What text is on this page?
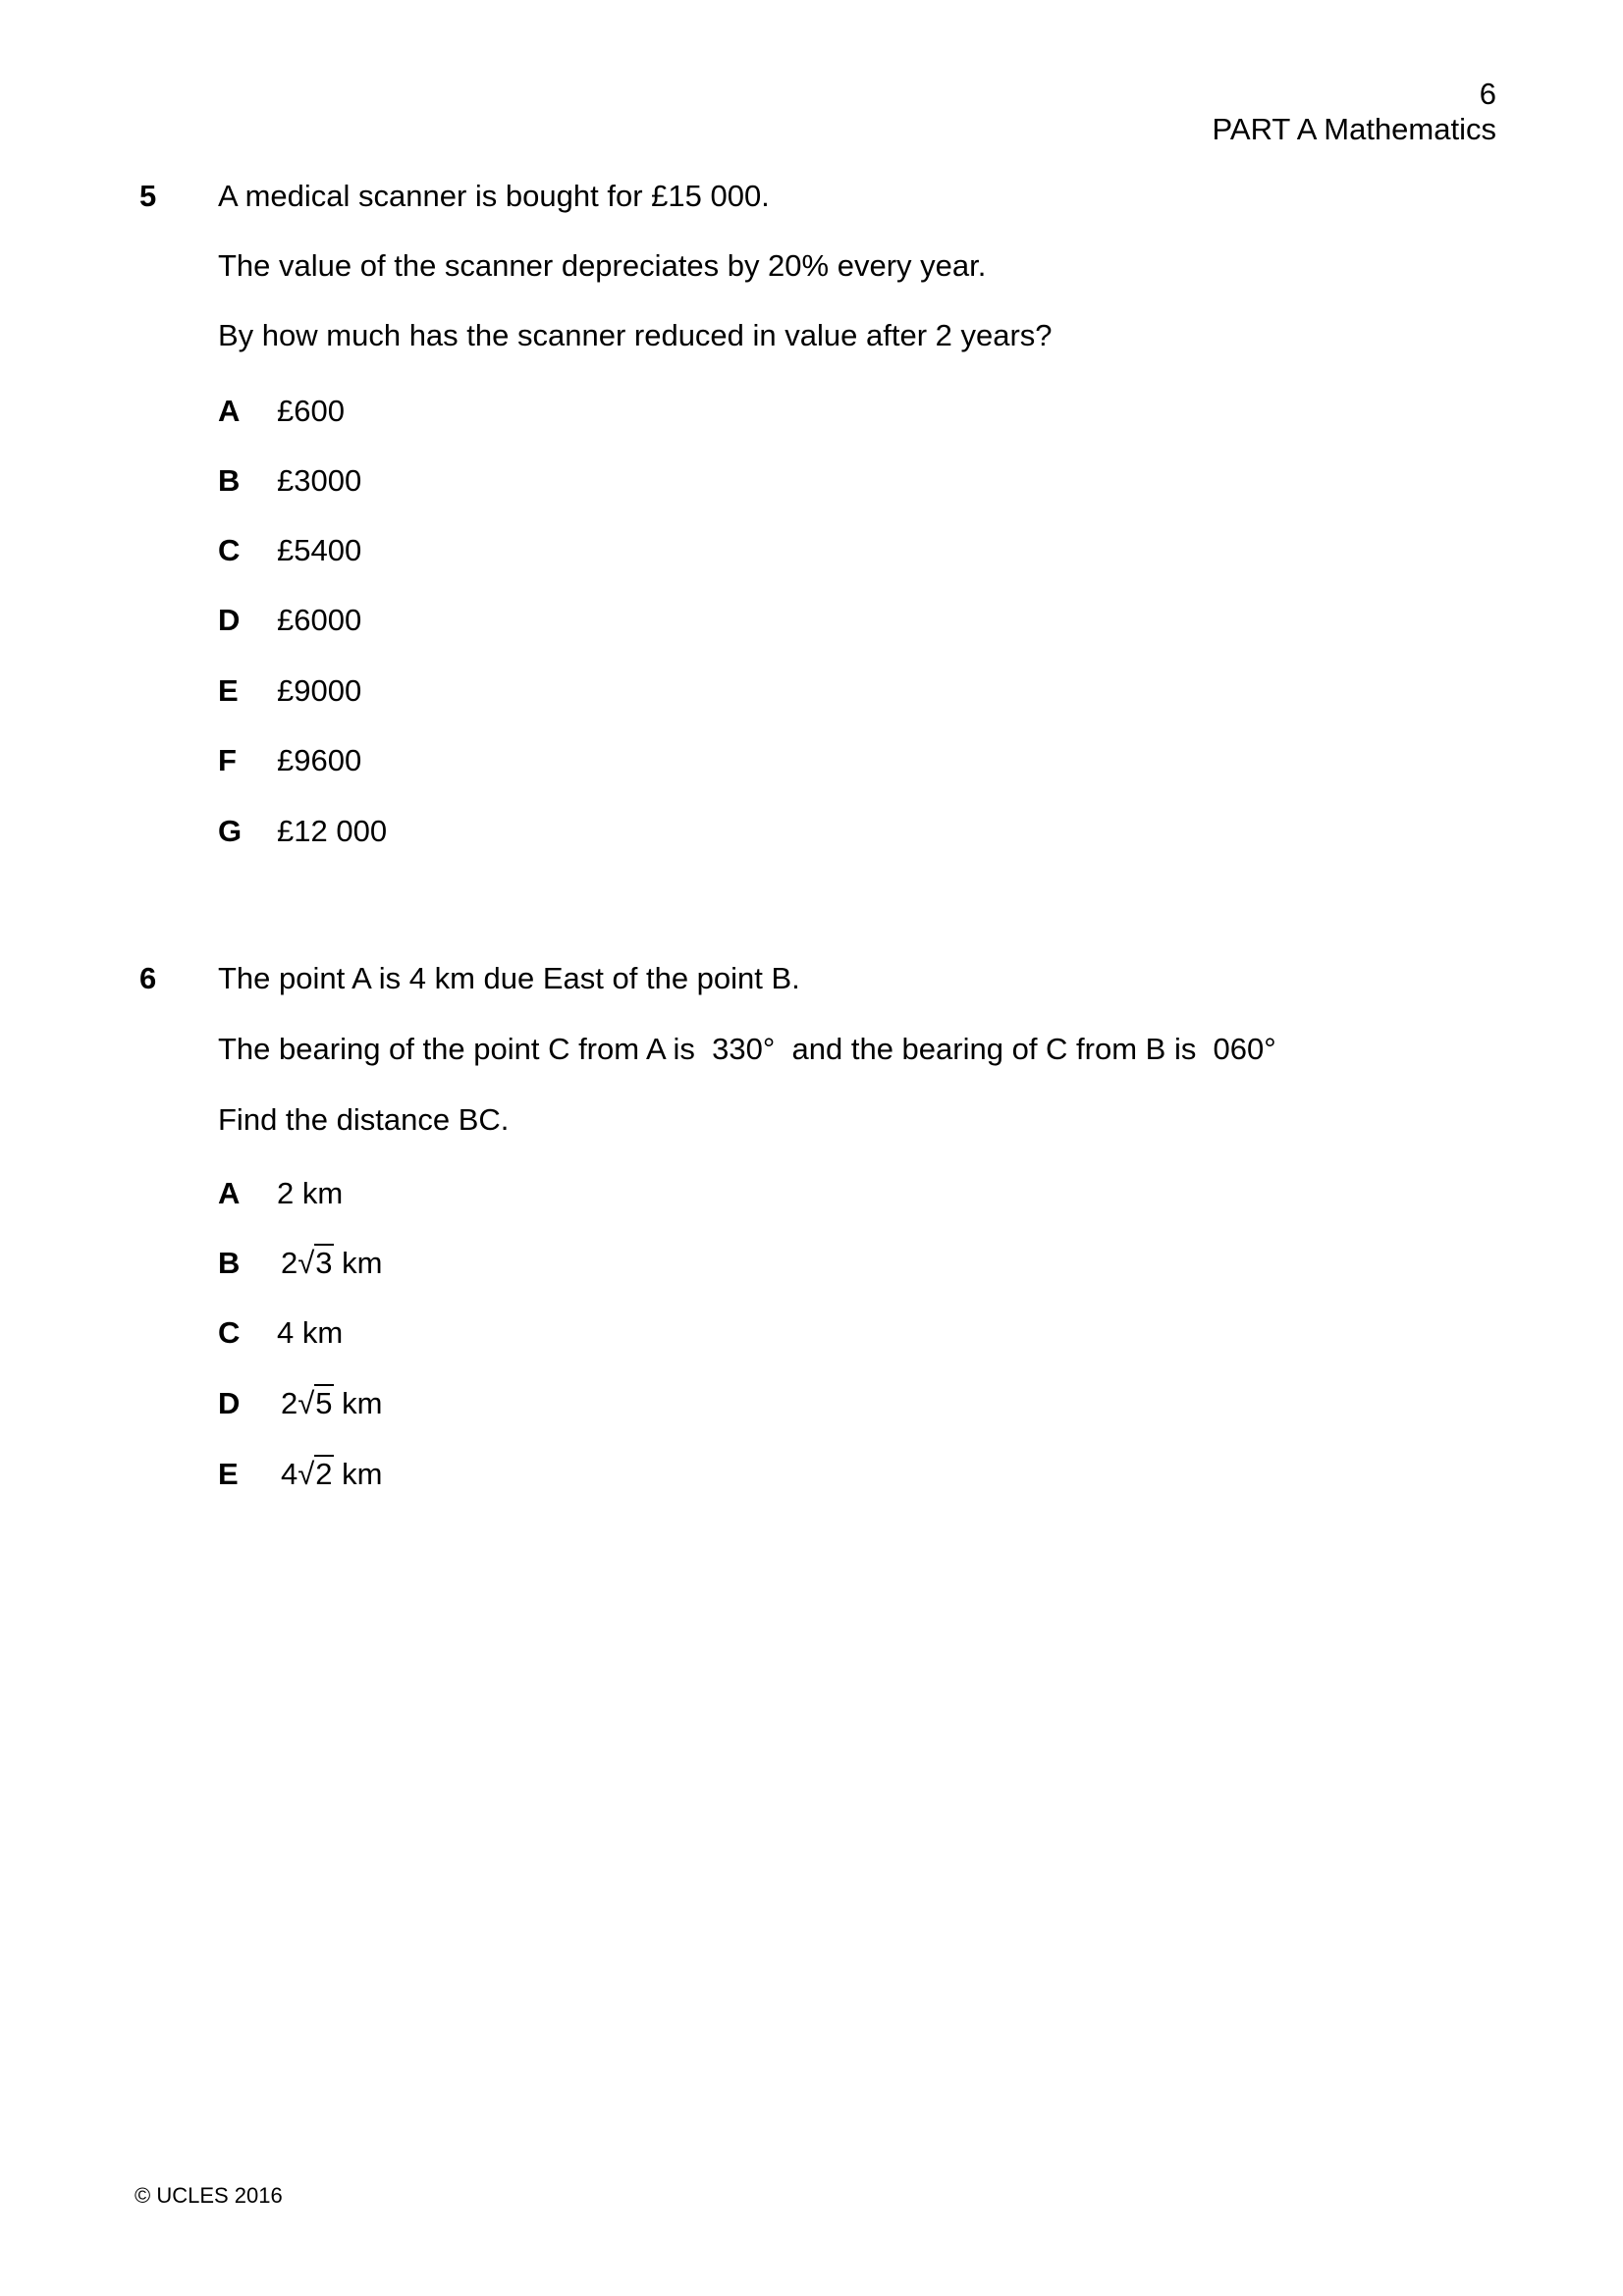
6
PART A Mathematics
5 A medical scanner is bought for £15 000.
The value of the scanner depreciates by 20% every year.
By how much has the scanner reduced in value after 2 years?
A £600
B £3000
C £5400
D £6000
E £9000
F £9600
G £12 000
6 The point A is 4 km due East of the point B.
The bearing of the point C from A is  330°  and the bearing of C from B is  060°
Find the distance BC.
A 2 km
B 2√3 km
C 4 km
D 2√5 km
E 4√2 km
© UCLES 2016
